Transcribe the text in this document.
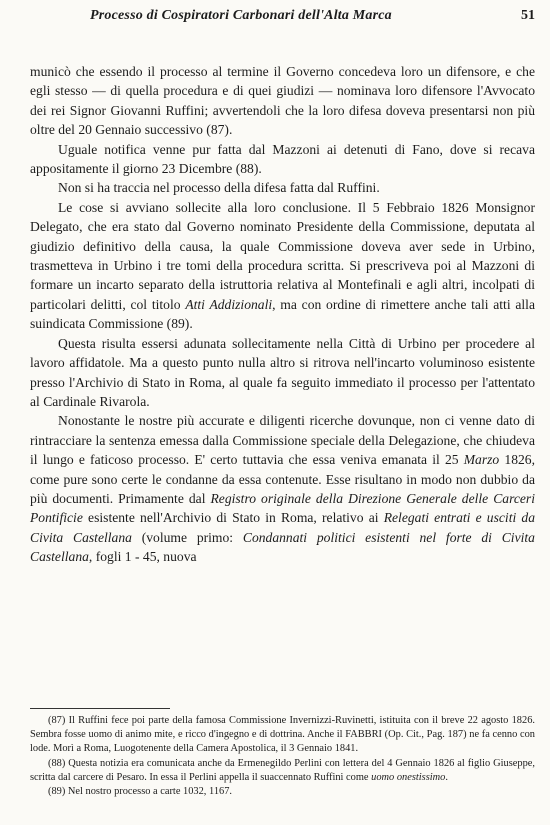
Processo di Cospiratori Carbonari dell'Alta Marca	51

municò che essendo il processo al termine il Governo concedeva loro un difensore, e che egli stesso — di quella procedura e di quei giudizi — nominava loro difensore l'Avvocato dei rei Signor Giovanni Ruffini; avvertendoli che la loro difesa doveva presentarsi non più oltre del 20 Gennaio successivo (87).

Uguale notifica venne pur fatta dal Mazzoni ai detenuti di Fano, dove si recava appositamente il giorno 23 Dicembre (88).

Non si ha traccia nel processo della difesa fatta dal Ruffini.

Le cose si avviano sollecite alla loro conclusione. Il 5 Febbraio 1826 Monsignor Delegato, che era stato dal Governo nominato Presidente della Commissione, deputata al giudizio definitivo della causa, la quale Commissione doveva aver sede in Urbino, trasmetteva in Urbino i tre tomi della procedura scritta. Si prescriveva poi al Mazzoni di formare un incarto separato della istruttoria relativa al Montefinali e agli altri, incolpati di particolari delitti, col titolo Atti Addizionali, ma con ordine di rimettere anche tali atti alla suindicata Commissione (89).

Questa risulta essersi adunata sollecitamente nella Città di Urbino per procedere al lavoro affidatole. Ma a questo punto nulla altro si ritrova nell'incarto voluminoso esistente presso l'Archivio di Stato in Roma, al quale fa seguito immediato il processo per l'attentato al Cardinale Rivarola.

Nonostante le nostre più accurate e diligenti ricerche dovunque, non ci venne dato di rintracciare la sentenza emessa dalla Commissione speciale della Delegazione, che chiudeva il lungo e faticoso processo. E' certo tuttavia che essa veniva emanata il 25 Marzo 1826, come pure sono certe le condanne da essa contenute. Esse risultano in modo non dubbio da più documenti. Primamente dal Registro originale della Direzione Generale delle Carceri Pontificie esistente nell'Archivio di Stato in Roma, relativo ai Relegati entrati e usciti da Civita Castellana (volume primo: Condannati politici esistenti nel forte di Civita Castellana, fogli 1 - 45, nuova

(87) Il Ruffini fece poi parte della famosa Commissione Invernizzi-Ruvinetti, istituita con il breve 22 agosto 1826. Sembra fosse uomo di animo mite, e ricco d'ingegno e di dottrina. Anche il FABBRI (Op. Cit., Pag. 187) ne fa cenno con lode. Morì a Roma, Luogotenente della Camera Apostolica, il 3 Gennaio 1841.

(88) Questa notizia era comunicata anche da Ermenegildo Perlini con lettera del 4 Gennaio 1826 al figlio Giuseppe, scritta dal carcere di Pesaro. In essa il Perlini appella il suaccennato Ruffini come uomo onestissimo.

(89) Nel nostro processo a carte 1032, 1167.
